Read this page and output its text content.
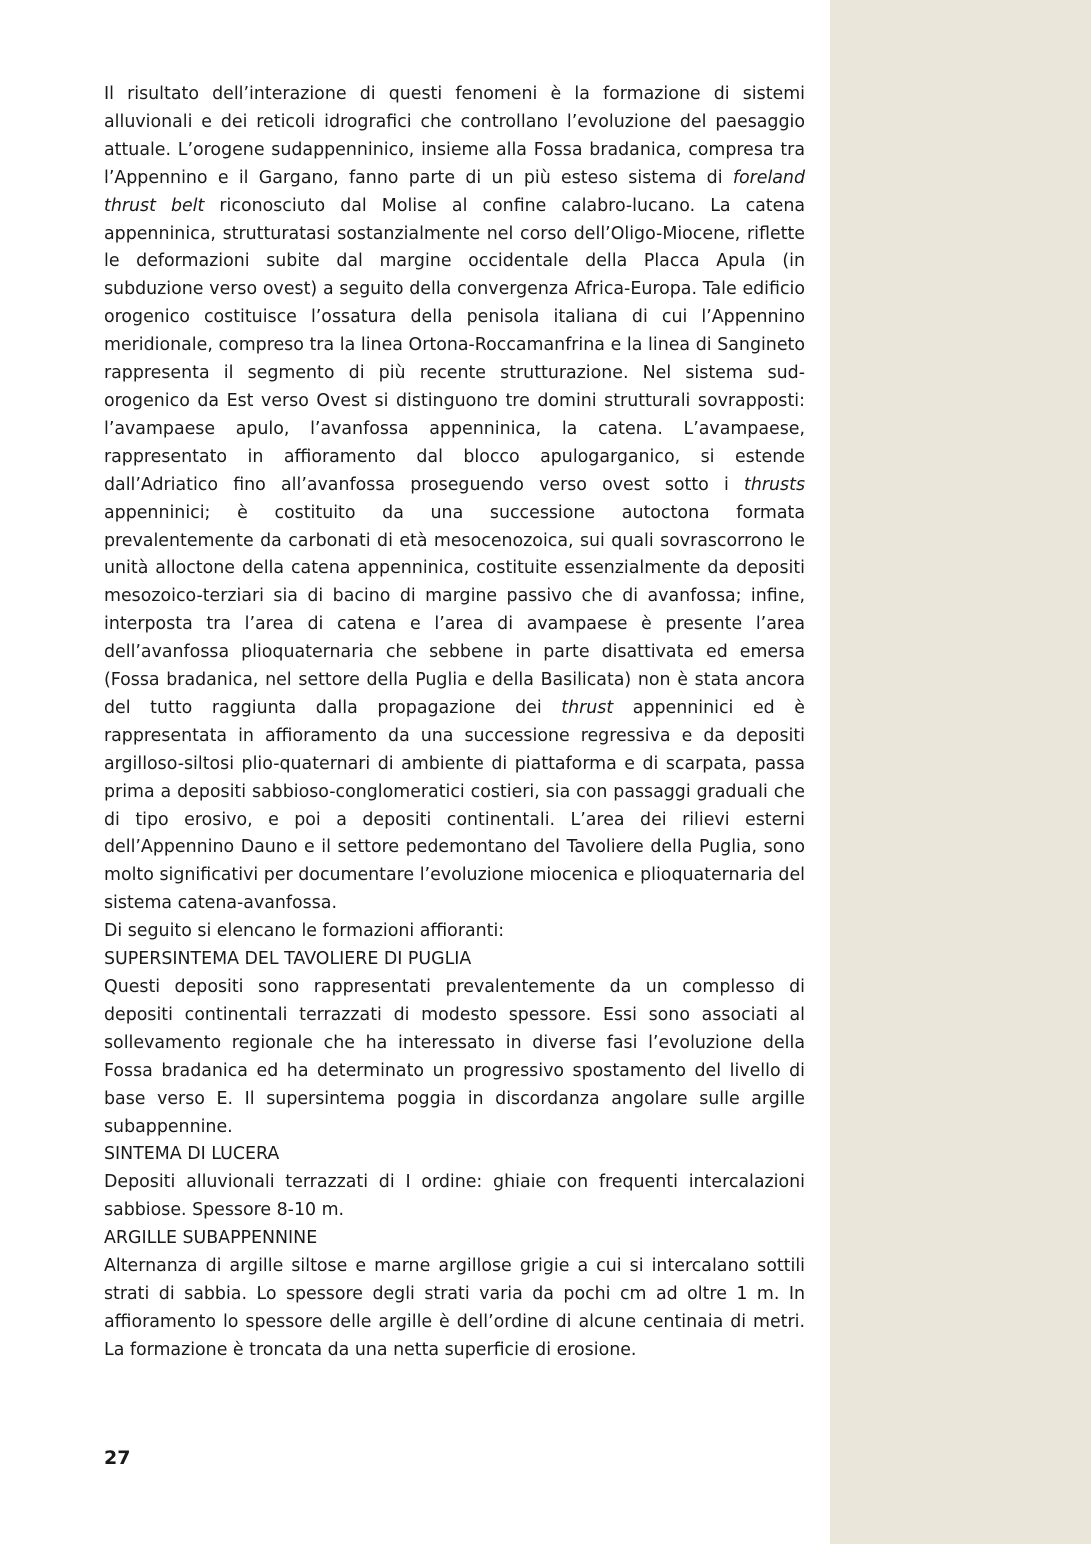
Il risultato dell’interazione di questi fenomeni è la formazione di sistemi alluvionali e dei reticoli idrografici che controllano l’evoluzione del paesaggio attuale. L’orogene sudappenninico, insieme alla Fossa bradanica, compresa tra l’Appennino e il Gargano, fanno parte di un più esteso sistema di foreland thrust belt riconosciuto dal Molise al confine calabro-lucano. La catena appenninica, strutturatasi sostanzialmente nel corso dell’Oligo-Miocene, riflette le deformazioni subite dal margine occidentale della Placca Apula (in subduzione verso ovest) a seguito della convergenza Africa-Europa. Tale edificio orogenico costituisce l’ossatura della penisola italiana di cui l’Appennino meridionale, compreso tra la linea Ortona-Roccamanfrina e la linea di Sangineto rappresenta il segmento di più recente strutturazione. Nel sistema sud-orogenico da Est verso Ovest si distinguono tre domini strutturali sovrapposti: l’avampaese apulo, l’avanfossa appenninica, la catena. L’avampaese, rappresentato in affioramento dal blocco apulogarganico, si estende dall’Adriatico fino all’avanfossa proseguendo verso ovest sotto i thrusts appenninici; è costituito da una successione autoctona formata prevalentemente da carbonati di età mesocenozoica, sui quali sovrascorrono le unità alloctone della catena appenninica, costituite essenzialmente da depositi mesozoico-terziari sia di bacino di margine passivo che di avanfossa; infine, interposta tra l’area di catena e l’area di avampaese è presente l’area dell’avanfossa plioquaternaria che sebbene in parte disattivata ed emersa (Fossa bradanica, nel settore della Puglia e della Basilicata) non è stata ancora del tutto raggiunta dalla propagazione dei thrust appenninici ed è rappresentata in affioramento da una successione regressiva e da depositi argilloso-siltosi plio-quaternari di ambiente di piattaforma e di scarpata, passa prima a depositi sabbioso-conglomeratici costieri, sia con passaggi graduali che di tipo erosivo, e poi a depositi continentali. L’area dei rilievi esterni dell’Appennino Dauno e il settore pedemontano del Tavoliere della Puglia, sono molto significativi per documentare l’evoluzione miocenica e plioquaternaria del sistema catena-avanfossa.

Di seguito si elencano le formazioni affioranti:

SUPERSINTEMA DEL TAVOLIERE DI PUGLIA

Questi depositi sono rappresentati prevalentemente da un complesso di depositi continentali terrazzati di modesto spessore. Essi sono associati al sollevamento regionale che ha interessato in diverse fasi l’evoluzione della Fossa bradanica ed ha determinato un progressivo spostamento del livello di base verso E. Il supersintema poggia in discordanza angolare sulle argille subappennine.

SINTEMA DI LUCERA

Depositi alluvionali terrazzati di I ordine: ghiaie con frequenti intercalazioni sabbiose. Spessore 8-10 m.

ARGILLE SUBAPPENNINE

Alternanza di argille siltose e marne argillose grigie a cui si intercalano sottili strati di sabbia. Lo spessore degli strati varia da pochi cm ad oltre 1 m. In affioramento lo spessore delle argille è dell’ordine di alcune centinaia di metri. La formazione è troncata da una netta superficie di erosione.

27
